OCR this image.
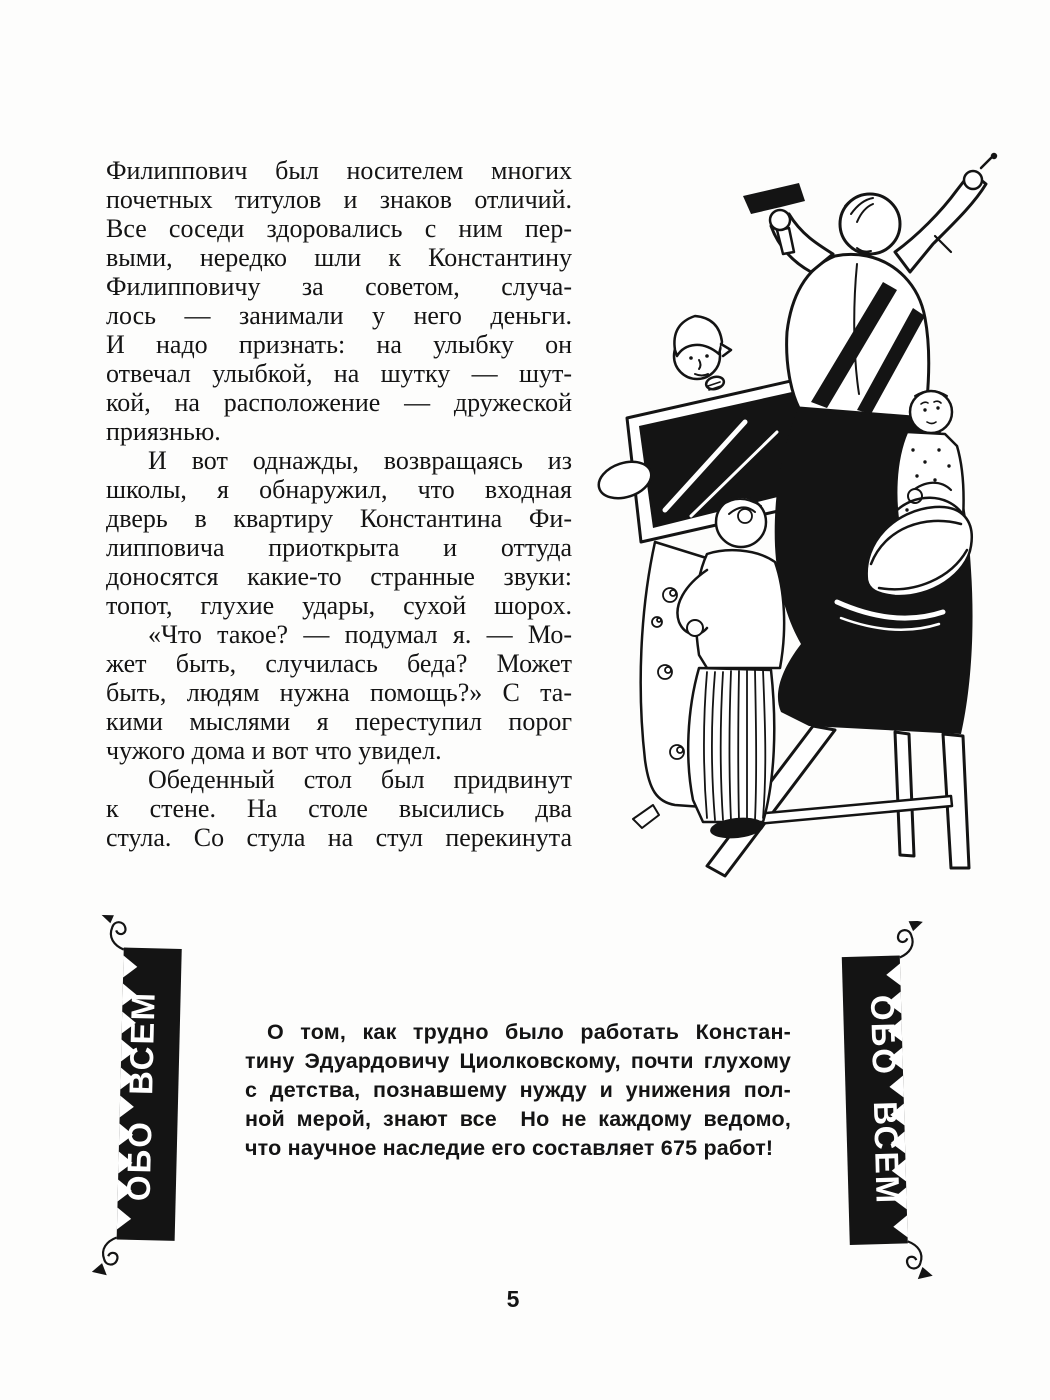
Филиппович был носителем многих
почетных титулов и знаков отличий.
Все соседи здоровались с ним пер-
выми, нередко шли к Константину
Филипповичу за советом, случа-
лось — занимали у него деньги.
И надо признать: на улыбку он
отвечал улыбкой, на шутку — шут-
кой, на расположение — дружеской
приязнью.
И вот однажды, возвращаясь из
школы, я обнаружил, что входная
дверь в квартиру Константина Фи-
липповича приоткрыта и оттуда
доносятся какие-то странные звуки:
топот, глухие удары, сухой шорох.
«Что такое? — подумал я. — Мо-
жет быть, случилась беда? Может
быть, людям нужна помощь?» С та-
кими мыслями я переступил порог
чужого дома и вот что увидел.
Обеденный стол был придвинут
к стене. На столе высились два
стула. Со стула на стул перекинута
ОБО ВСЕМ	ОБО ВСЕМ
О том, как трудно было работать Констан-
тину Эдуардовичу Циолковскому, почти глухому
с детства, познавшему нужду и унижения пол-
ной мерой, знают все  Но не каждому ведомо,
что научное наследие его составляет 675 работ!
5
